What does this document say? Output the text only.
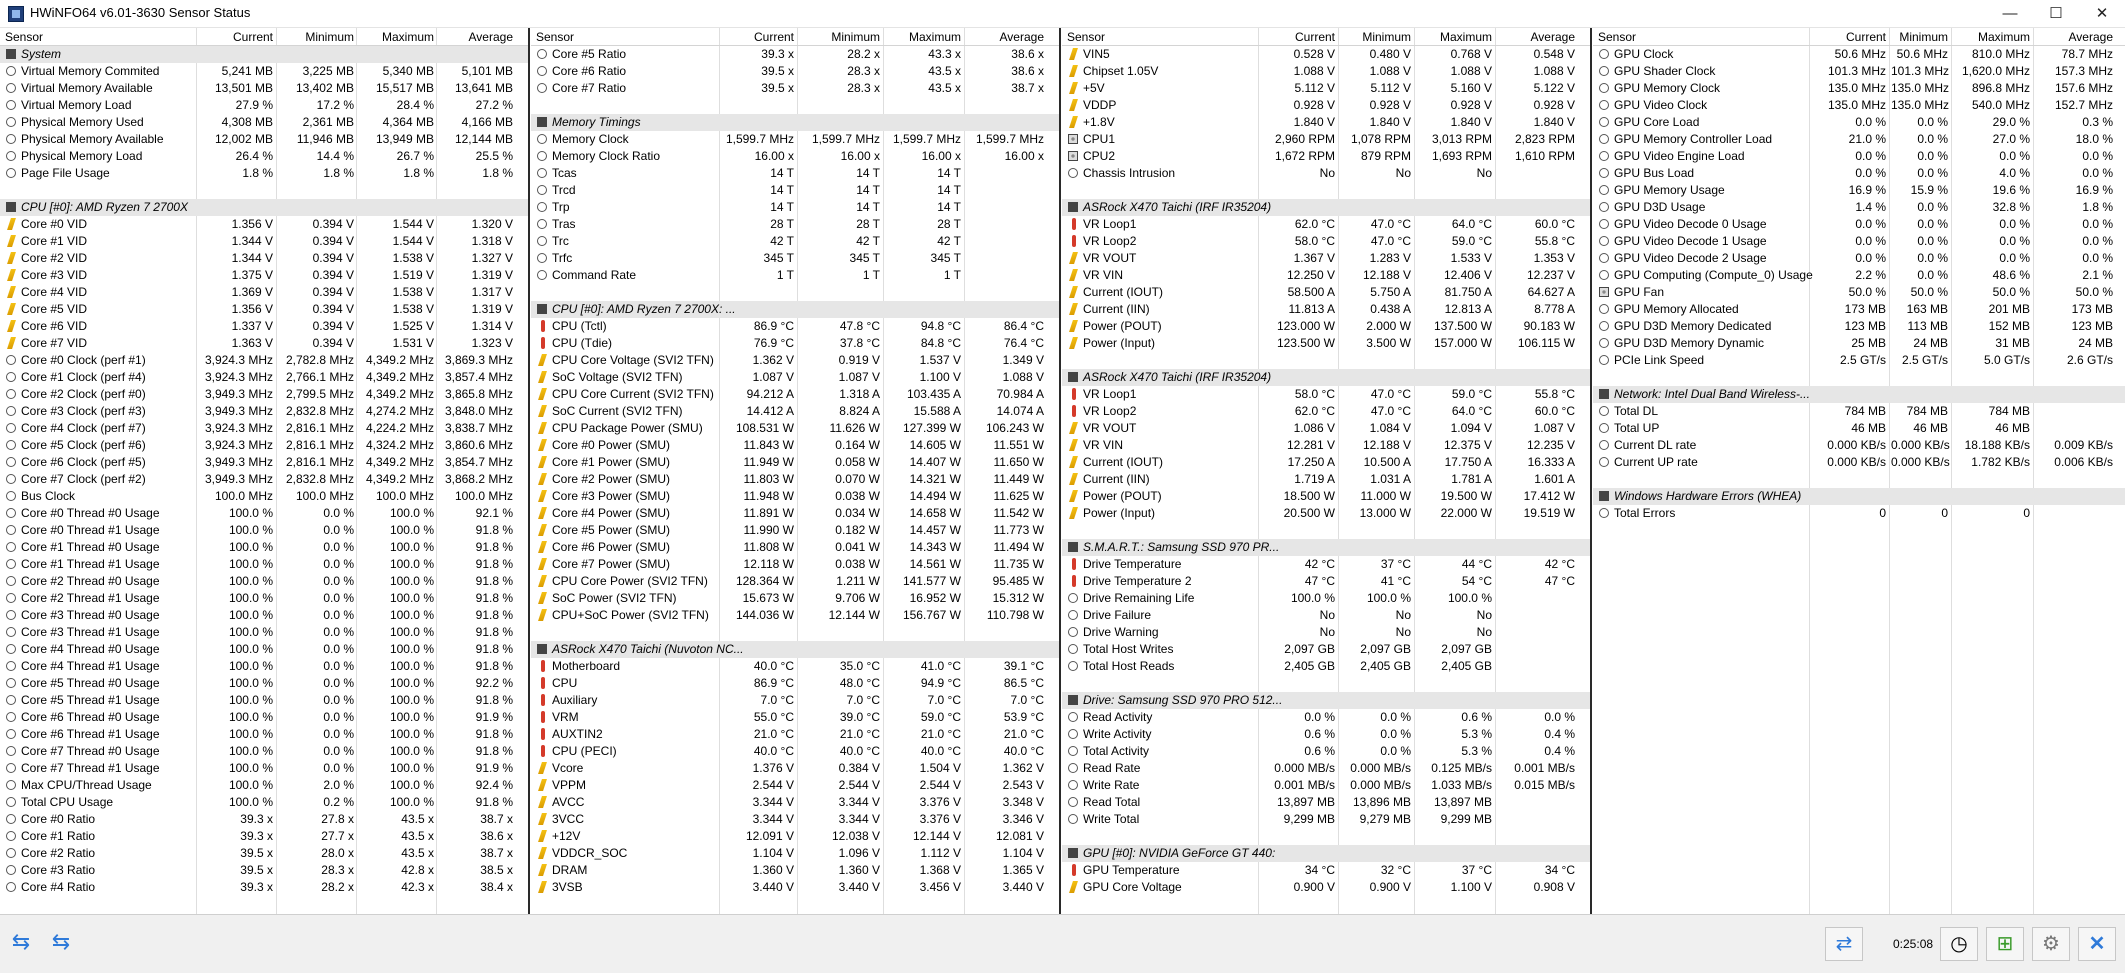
HWiNFO64 v6.01-3630 Sensor Status	—	☐	✕
Sensor	Current	Minimum	Maximum	Average
System
Virtual Memory Commited	5,241 MB	3,225 MB	5,340 MB	5,101 MB
Virtual Memory Available	13,501 MB	13,402 MB	15,517 MB	13,641 MB
Virtual Memory Load	27.9 %	17.2 %	28.4 %	27.2 %
Physical Memory Used	4,308 MB	2,361 MB	4,364 MB	4,166 MB
Physical Memory Available	12,002 MB	11,946 MB	13,949 MB	12,144 MB
Physical Memory Load	26.4 %	14.4 %	26.7 %	25.5 %
Page File Usage	1.8 %	1.8 %	1.8 %	1.8 %
CPU [#0]: AMD Ryzen 7 2700X
Core #0 VID	1.356 V	0.394 V	1.544 V	1.320 V
Core #1 VID	1.344 V	0.394 V	1.544 V	1.318 V
Core #2 VID	1.344 V	0.394 V	1.538 V	1.327 V
Core #3 VID	1.375 V	0.394 V	1.519 V	1.319 V
Core #4 VID	1.369 V	0.394 V	1.538 V	1.317 V
Core #5 VID	1.356 V	0.394 V	1.538 V	1.319 V
Core #6 VID	1.337 V	0.394 V	1.525 V	1.314 V
Core #7 VID	1.363 V	0.394 V	1.531 V	1.323 V
Core #0 Clock (perf #1)	3,924.3 MHz	2,782.8 MHz 4,349.2 MHz 3,869.3 MHz
Core #1 Clock (perf #4)	3,924.3 MHz	2,766.1 MHz 4,349.2 MHz 3,857.4 MHz
Core #2 Clock (perf #0)	3,949.3 MHz	2,799.5 MHz 4,349.2 MHz 3,865.8 MHz
Core #3 Clock (perf #3)	3,949.3 MHz	2,832.8 MHz 4,274.2 MHz 3,848.0 MHz
Core #4 Clock (perf #7)	3,924.3 MHz	2,816.1 MHz 4,224.2 MHz 3,838.7 MHz
Core #5 Clock (perf #6)	3,924.3 MHz	2,816.1 MHz 4,324.2 MHz 3,860.6 MHz
Core #6 Clock (perf #5)	3,949.3 MHz	2,816.1 MHz 4,349.2 MHz 3,854.7 MHz
Core #7 Clock (perf #2)	3,949.3 MHz	2,832.8 MHz 4,349.2 MHz 3,868.2 MHz
Bus Clock	100.0 MHz	100.0 MHz	100.0 MHz	100.0 MHz
Core #0 Thread #0 Usage	100.0 %	0.0 %	100.0 %	92.1 %
Core #0 Thread #1 Usage	100.0 %	0.0 %	100.0 %	91.8 %
Core #1 Thread #0 Usage	100.0 %	0.0 %	100.0 %	91.8 %
Core #1 Thread #1 Usage	100.0 %	0.0 %	100.0 %	91.8 %
Core #2 Thread #0 Usage	100.0 %	0.0 %	100.0 %	91.8 %
Core #2 Thread #1 Usage	100.0 %	0.0 %	100.0 %	91.8 %
Core #3 Thread #0 Usage	100.0 %	0.0 %	100.0 %	91.8 %
Core #3 Thread #1 Usage	100.0 %	0.0 %	100.0 %	91.8 %
Core #4 Thread #0 Usage	100.0 %	0.0 %	100.0 %	91.8 %
Core #4 Thread #1 Usage	100.0 %	0.0 %	100.0 %	91.8 %
Core #5 Thread #0 Usage	100.0 %	0.0 %	100.0 %	92.2 %
Core #5 Thread #1 Usage	100.0 %	0.0 %	100.0 %	91.8 %
Core #6 Thread #0 Usage	100.0 %	0.0 %	100.0 %	91.9 %
Core #6 Thread #1 Usage	100.0 %	0.0 %	100.0 %	91.8 %
Core #7 Thread #0 Usage	100.0 %	0.0 %	100.0 %	91.8 %
Core #7 Thread #1 Usage	100.0 %	0.0 %	100.0 %	91.9 %
Max CPU/Thread Usage	100.0 %	2.0 %	100.0 %	92.4 %
Total CPU Usage	100.0 %	0.2 %	100.0 %	91.8 %
Core #0 Ratio	39.3 x	27.8 x	43.5 x	38.7 x
Core #1 Ratio	39.3 x	27.7 x	43.5 x	38.6 x
Core #2 Ratio	39.5 x	28.0 x	43.5 x	38.7 x
Core #3 Ratio	39.5 x	28.3 x	42.8 x	38.5 x
Core #4 Ratio	39.3 x	28.2 x	42.3 x	38.4 x
Sensor	Current	Minimum	Maximum	Average
Core #5 Ratio	39.3 x	28.2 x	43.3 x	38.6 x
Core #6 Ratio	39.5 x	28.3 x	43.5 x	38.6 x
Core #7 Ratio	39.5 x	28.3 x	43.5 x	38.7 x
Memory Timings
Memory Clock	1,599.7 MHz	1,599.7 MHz	1,599.7 MHz	1,599.7 MHz
Memory Clock Ratio	16.00 x	16.00 x	16.00 x	16.00 x
Tcas	14 T	14 T	14 T
Trcd	14 T	14 T	14 T
Trp	14 T	14 T	14 T
Tras	28 T	28 T	28 T
Trc	42 T	42 T	42 T
Trfc	345 T	345 T	345 T
Command Rate	1 T	1 T	1 T
CPU [#0]: AMD Ryzen 7 2700X: ...
CPU (Tctl)	86.9 °C	47.8 °C	94.8 °C	86.4 °C
CPU (Tdie)	76.9 °C	37.8 °C	84.8 °C	76.4 °C
CPU Core Voltage (SVI2 TFN)	1.362 V	0.919 V	1.537 V	1.349 V
SoC Voltage (SVI2 TFN)	1.087 V	1.087 V	1.100 V	1.088 V
CPU Core Current (SVI2 TFN)	94.212 A	1.318 A	103.435 A	70.984 A
SoC Current (SVI2 TFN)	14.412 A	8.824 A	15.588 A	14.074 A
CPU Package Power (SMU)	108.531 W	11.626 W	127.399 W	106.243 W
Core #0 Power (SMU)	11.843 W	0.164 W	14.605 W	11.551 W
Core #1 Power (SMU)	11.949 W	0.058 W	14.407 W	11.650 W
Core #2 Power (SMU)	11.803 W	0.070 W	14.321 W	11.449 W
Core #3 Power (SMU)	11.948 W	0.038 W	14.494 W	11.625 W
Core #4 Power (SMU)	11.891 W	0.034 W	14.658 W	11.542 W
Core #5 Power (SMU)	11.990 W	0.182 W	14.457 W	11.773 W
Core #6 Power (SMU)	11.808 W	0.041 W	14.343 W	11.494 W
Core #7 Power (SMU)	12.118 W	0.038 W	14.561 W	11.735 W
CPU Core Power (SVI2 TFN)	128.364 W	1.211 W	141.577 W	95.485 W
SoC Power (SVI2 TFN)	15.673 W	9.706 W	16.952 W	15.312 W
CPU+SoC Power (SVI2 TFN)	144.036 W	12.144 W	156.767 W	110.798 W
ASRock X470 Taichi (Nuvoton NC...
Motherboard	40.0 °C	35.0 °C	41.0 °C	39.1 °C
CPU	86.9 °C	48.0 °C	94.9 °C	86.5 °C
Auxiliary	7.0 °C	7.0 °C	7.0 °C	7.0 °C
VRM	55.0 °C	39.0 °C	59.0 °C	53.9 °C
AUXTIN2	21.0 °C	21.0 °C	21.0 °C	21.0 °C
CPU (PECI)	40.0 °C	40.0 °C	40.0 °C	40.0 °C
Vcore	1.376 V	0.384 V	1.504 V	1.362 V
VPPM	2.544 V	2.544 V	2.544 V	2.543 V
AVCC	3.344 V	3.344 V	3.376 V	3.348 V
3VCC	3.344 V	3.344 V	3.376 V	3.346 V
+12V	12.091 V	12.038 V	12.144 V	12.081 V
VDDCR_SOC	1.104 V	1.096 V	1.112 V	1.104 V
DRAM	1.360 V	1.360 V	1.368 V	1.365 V
3VSB	3.440 V	3.440 V	3.456 V	3.440 V
Sensor	Current	Minimum	Maximum	Average
VIN5	0.528 V	0.480 V	0.768 V	0.548 V
Chipset 1.05V	1.088 V	1.088 V	1.088 V	1.088 V
+5V	5.112 V	5.112 V	5.160 V	5.122 V
VDDP	0.928 V	0.928 V	0.928 V	0.928 V
+1.8V	1.840 V	1.840 V	1.840 V	1.840 V
CPU1	2,960 RPM	1,078 RPM	3,013 RPM	2,823 RPM
CPU2	1,672 RPM	879 RPM	1,693 RPM	1,610 RPM
Chassis Intrusion	No	No	No
ASRock X470 Taichi (IRF IR35204)
VR Loop1	62.0 °C	47.0 °C	64.0 °C	60.0 °C
VR Loop2	58.0 °C	47.0 °C	59.0 °C	55.8 °C
VR VOUT	1.367 V	1.283 V	1.533 V	1.353 V
VR VIN	12.250 V	12.188 V	12.406 V	12.237 V
Current (IOUT)	58.500 A	5.750 A	81.750 A	64.627 A
Current (IIN)	11.813 A	0.438 A	12.813 A	8.778 A
Power (POUT)	123.000 W	2.000 W	137.500 W	90.183 W
Power (Input)	123.500 W	3.500 W	157.000 W	106.115 W
ASRock X470 Taichi (IRF IR35204)
VR Loop1	58.0 °C	47.0 °C	59.0 °C	55.8 °C
VR Loop2	62.0 °C	47.0 °C	64.0 °C	60.0 °C
VR VOUT	1.086 V	1.084 V	1.094 V	1.087 V
VR VIN	12.281 V	12.188 V	12.375 V	12.235 V
Current (IOUT)	17.250 A	10.500 A	17.750 A	16.333 A
Current (IIN)	1.719 A	1.031 A	1.781 A	1.601 A
Power (POUT)	18.500 W	11.000 W	19.500 W	17.412 W
Power (Input)	20.500 W	13.000 W	22.000 W	19.519 W
S.M.A.R.T.: Samsung SSD 970 PR...
Drive Temperature	42 °C	37 °C	44 °C	42 °C
Drive Temperature 2	47 °C	41 °C	54 °C	47 °C
Drive Remaining Life	100.0 %	100.0 %	100.0 %
Drive Failure	No	No	No
Drive Warning	No	No	No
Total Host Writes	2,097 GB	2,097 GB	2,097 GB
Total Host Reads	2,405 GB	2,405 GB	2,405 GB
Drive: Samsung SSD 970 PRO 512...
Read Activity	0.0 %	0.0 %	0.6 %	0.0 %
Write Activity	0.6 %	0.0 %	5.3 %	0.4 %
Total Activity	0.6 %	0.0 %	5.3 %	0.4 %
Read Rate	0.000 MB/s	0.000 MB/s	0.125 MB/s	0.001 MB/s
Write Rate	0.001 MB/s	0.000 MB/s	1.033 MB/s	0.015 MB/s
Read Total	13,897 MB	13,896 MB	13,897 MB
Write Total	9,299 MB	9,279 MB	9,299 MB
GPU [#0]: NVIDIA GeForce GT 440:
GPU Temperature	34 °C	32 °C	37 °C	34 °C
GPU Core Voltage	0.900 V	0.900 V	1.100 V	0.908 V
Sensor	Current	Minimum	Maximum	Average
GPU Clock	50.6 MHz 50.6 MHz	810.0 MHz	78.7 MHz
GPU Shader Clock	101.3 MHz 101.3 MHz	1,620.0 MHz	157.3 MHz
GPU Memory Clock	135.0 MHz 135.0 MHz	896.8 MHz	157.6 MHz
GPU Video Clock	135.0 MHz 135.0 MHz	540.0 MHz	152.7 MHz
GPU Core Load	0.0 %	0.0 %	29.0 %	0.3 %
GPU Memory Controller Load	21.0 %	0.0 %	27.0 %	18.0 %
GPU Video Engine Load	0.0 %	0.0 %	0.0 %	0.0 %
GPU Bus Load	0.0 %	0.0 %	4.0 %	0.0 %
GPU Memory Usage	16.9 %	15.9 %	19.6 %	16.9 %
GPU D3D Usage	1.4 %	0.0 %	32.8 %	1.8 %
GPU Video Decode 0 Usage	0.0 %	0.0 %	0.0 %	0.0 %
GPU Video Decode 1 Usage	0.0 %	0.0 %	0.0 %	0.0 %
GPU Video Decode 2 Usage	0.0 %	0.0 %	0.0 %	0.0 %
GPU Computing (Compute_0) Usage	2.2 %	0.0 %	48.6 %	2.1 %
GPU Fan	50.0 %	50.0 %	50.0 %	50.0 %
GPU Memory Allocated	173 MB	163 MB	201 MB	173 MB
GPU D3D Memory Dedicated	123 MB	113 MB	152 MB	123 MB
GPU D3D Memory Dynamic	25 MB	24 MB	31 MB	24 MB
PCIe Link Speed	2.5 GT/s	2.5 GT/s	5.0 GT/s	2.6 GT/s
Network: Intel Dual Band Wireless-...
Total DL	784 MB	784 MB	784 MB
Total UP	46 MB	46 MB	46 MB
Current DL rate	0.000 KB/s 0.000 KB/s	18.188 KB/s	0.009 KB/s
Current UP rate	0.000 KB/s 0.000 KB/s	1.782 KB/s	0.006 KB/s
Windows Hardware Errors (WHEA)
Total Errors	0	0	0
⇆ ⇆	⇄	0:25:08 ◷	⊞	⚙	✕
